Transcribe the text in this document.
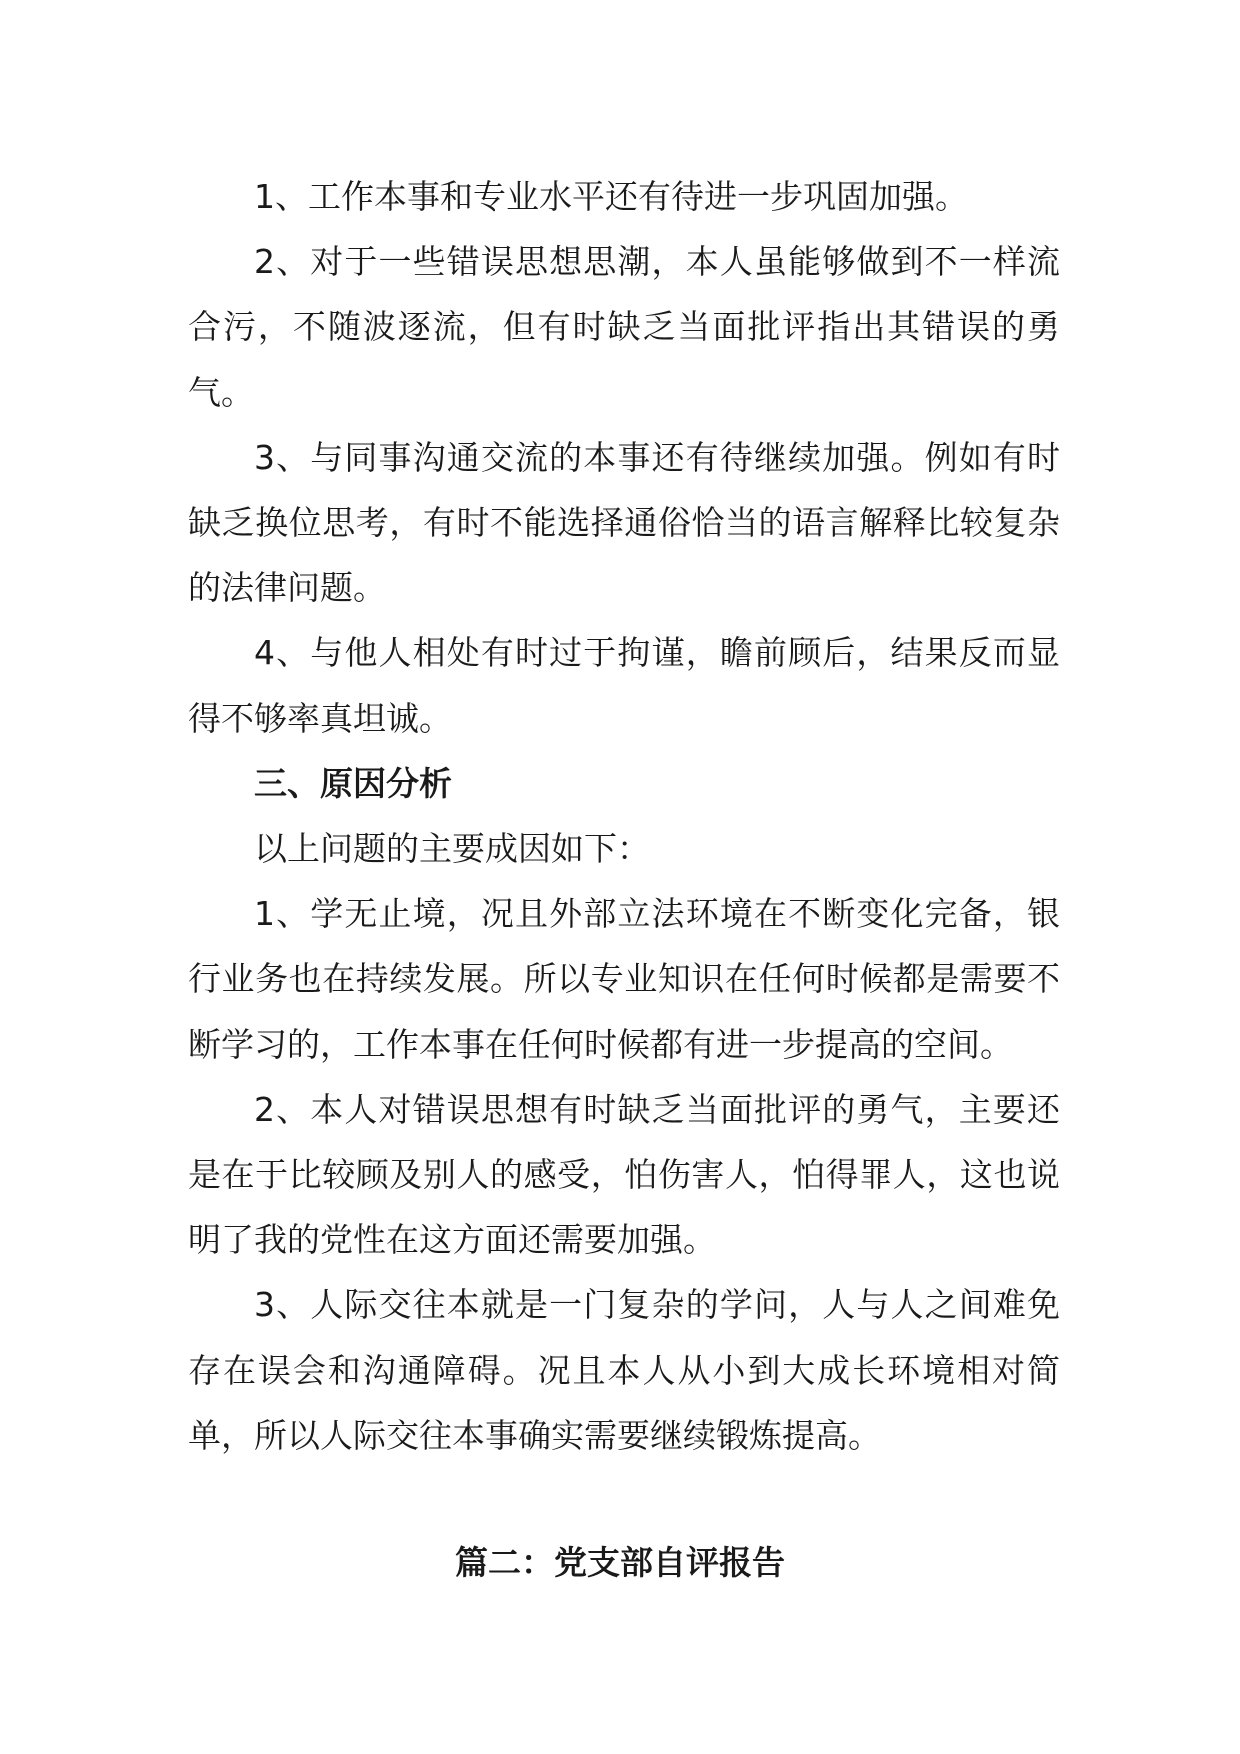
1、工作本事和专业水平还有待进一步巩固加强。

2、对于一些错误思想思潮，本人虽能够做到不一样流合污，不随波逐流，但有时缺乏当面批评指出其错误的勇气。

3、与同事沟通交流的本事还有待继续加强。例如有时缺乏换位思考，有时不能选择通俗恰当的语言解释比较复杂的法律问题。

4、与他人相处有时过于拘谨，瞻前顾后，结果反而显得不够率真坦诚。

三、原因分析

以上问题的主要成因如下：

1、学无止境，况且外部立法环境在不断变化完备，银行业务也在持续发展。所以专业知识在任何时候都是需要不断学习的，工作本事在任何时候都有进一步提高的空间。

2、本人对错误思想有时缺乏当面批评的勇气，主要还是在于比较顾及别人的感受，怕伤害人，怕得罪人，这也说明了我的党性在这方面还需要加强。

3、人际交往本就是一门复杂的学问，人与人之间难免存在误会和沟通障碍。况且本人从小到大成长环境相对简单，所以人际交往本事确实需要继续锻炼提高。

篇二：党支部自评报告
